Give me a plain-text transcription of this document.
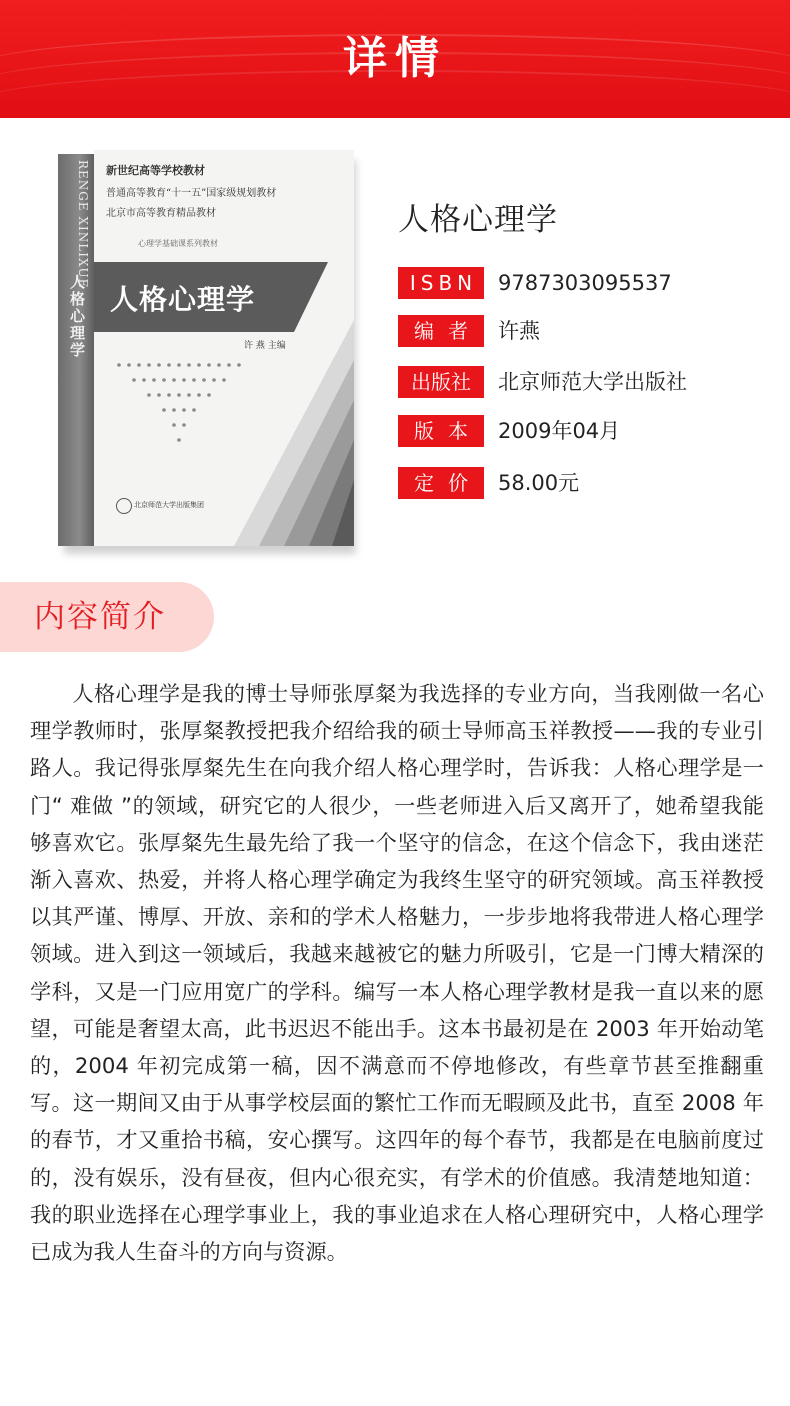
详情
RENGE XINLIXUE
人格心理学
新世纪高等学校教材
普通高等教育“十一五”国家级规划教材
北京市高等教育精品教材
心理学基础课系列教材
人格心理学
许 燕 主编
北京师范大学出版集团
人格心理学
ISBN 9787303095537
编者 许燕
出版社	北京师范大学出版社
版本 2009年04月
定价 58.00元
内容简介

人格心理学是我的博士导师张厚粲为我选择的专业方向，当我刚做一名心理学教师时，张厚粲教授把我介绍给我的硕士导师高玉祥教授——我的专业引路人。我记得张厚粲先生在向我介绍人格心理学时，告诉我：人格心理学是一门“ 难做 ”的领域，研究它的人很少，一些老师进入后又离开了，她希望我能够喜欢它。张厚粲先生最先给了我一个坚守的信念，在这个信念下，我由迷茫渐入喜欢、热爱，并将人格心理学确定为我终生坚守的研究领域。高玉祥教授以其严谨、博厚、开放、亲和的学术人格魅力，一步步地将我带进人格心理学领域。进入到这一领域后，我越来越被它的魅力所吸引，它是一门博大精深的学科，又是一门应用宽广的学科。编写一本人格心理学教材是我一直以来的愿望，可能是奢望太高，此书迟迟不能出手。这本书最初是在 2003 年开始动笔的，2004 年初完成第一稿，因不满意而不停地修改，有些章节甚至推翻重写。这一期间又由于从事学校层面的繁忙工作而无暇顾及此书，直至 2008 年的春节，才又重拾书稿，安心撰写。这四年的每个春节，我都是在电脑前度过的，没有娱乐，没有昼夜，但内心很充实，有学术的价值感。我清楚地知道：我的职业选择在心理学事业上，我的事业追求在人格心理研究中，人格心理学已成为我人生奋斗的方向与资源。
